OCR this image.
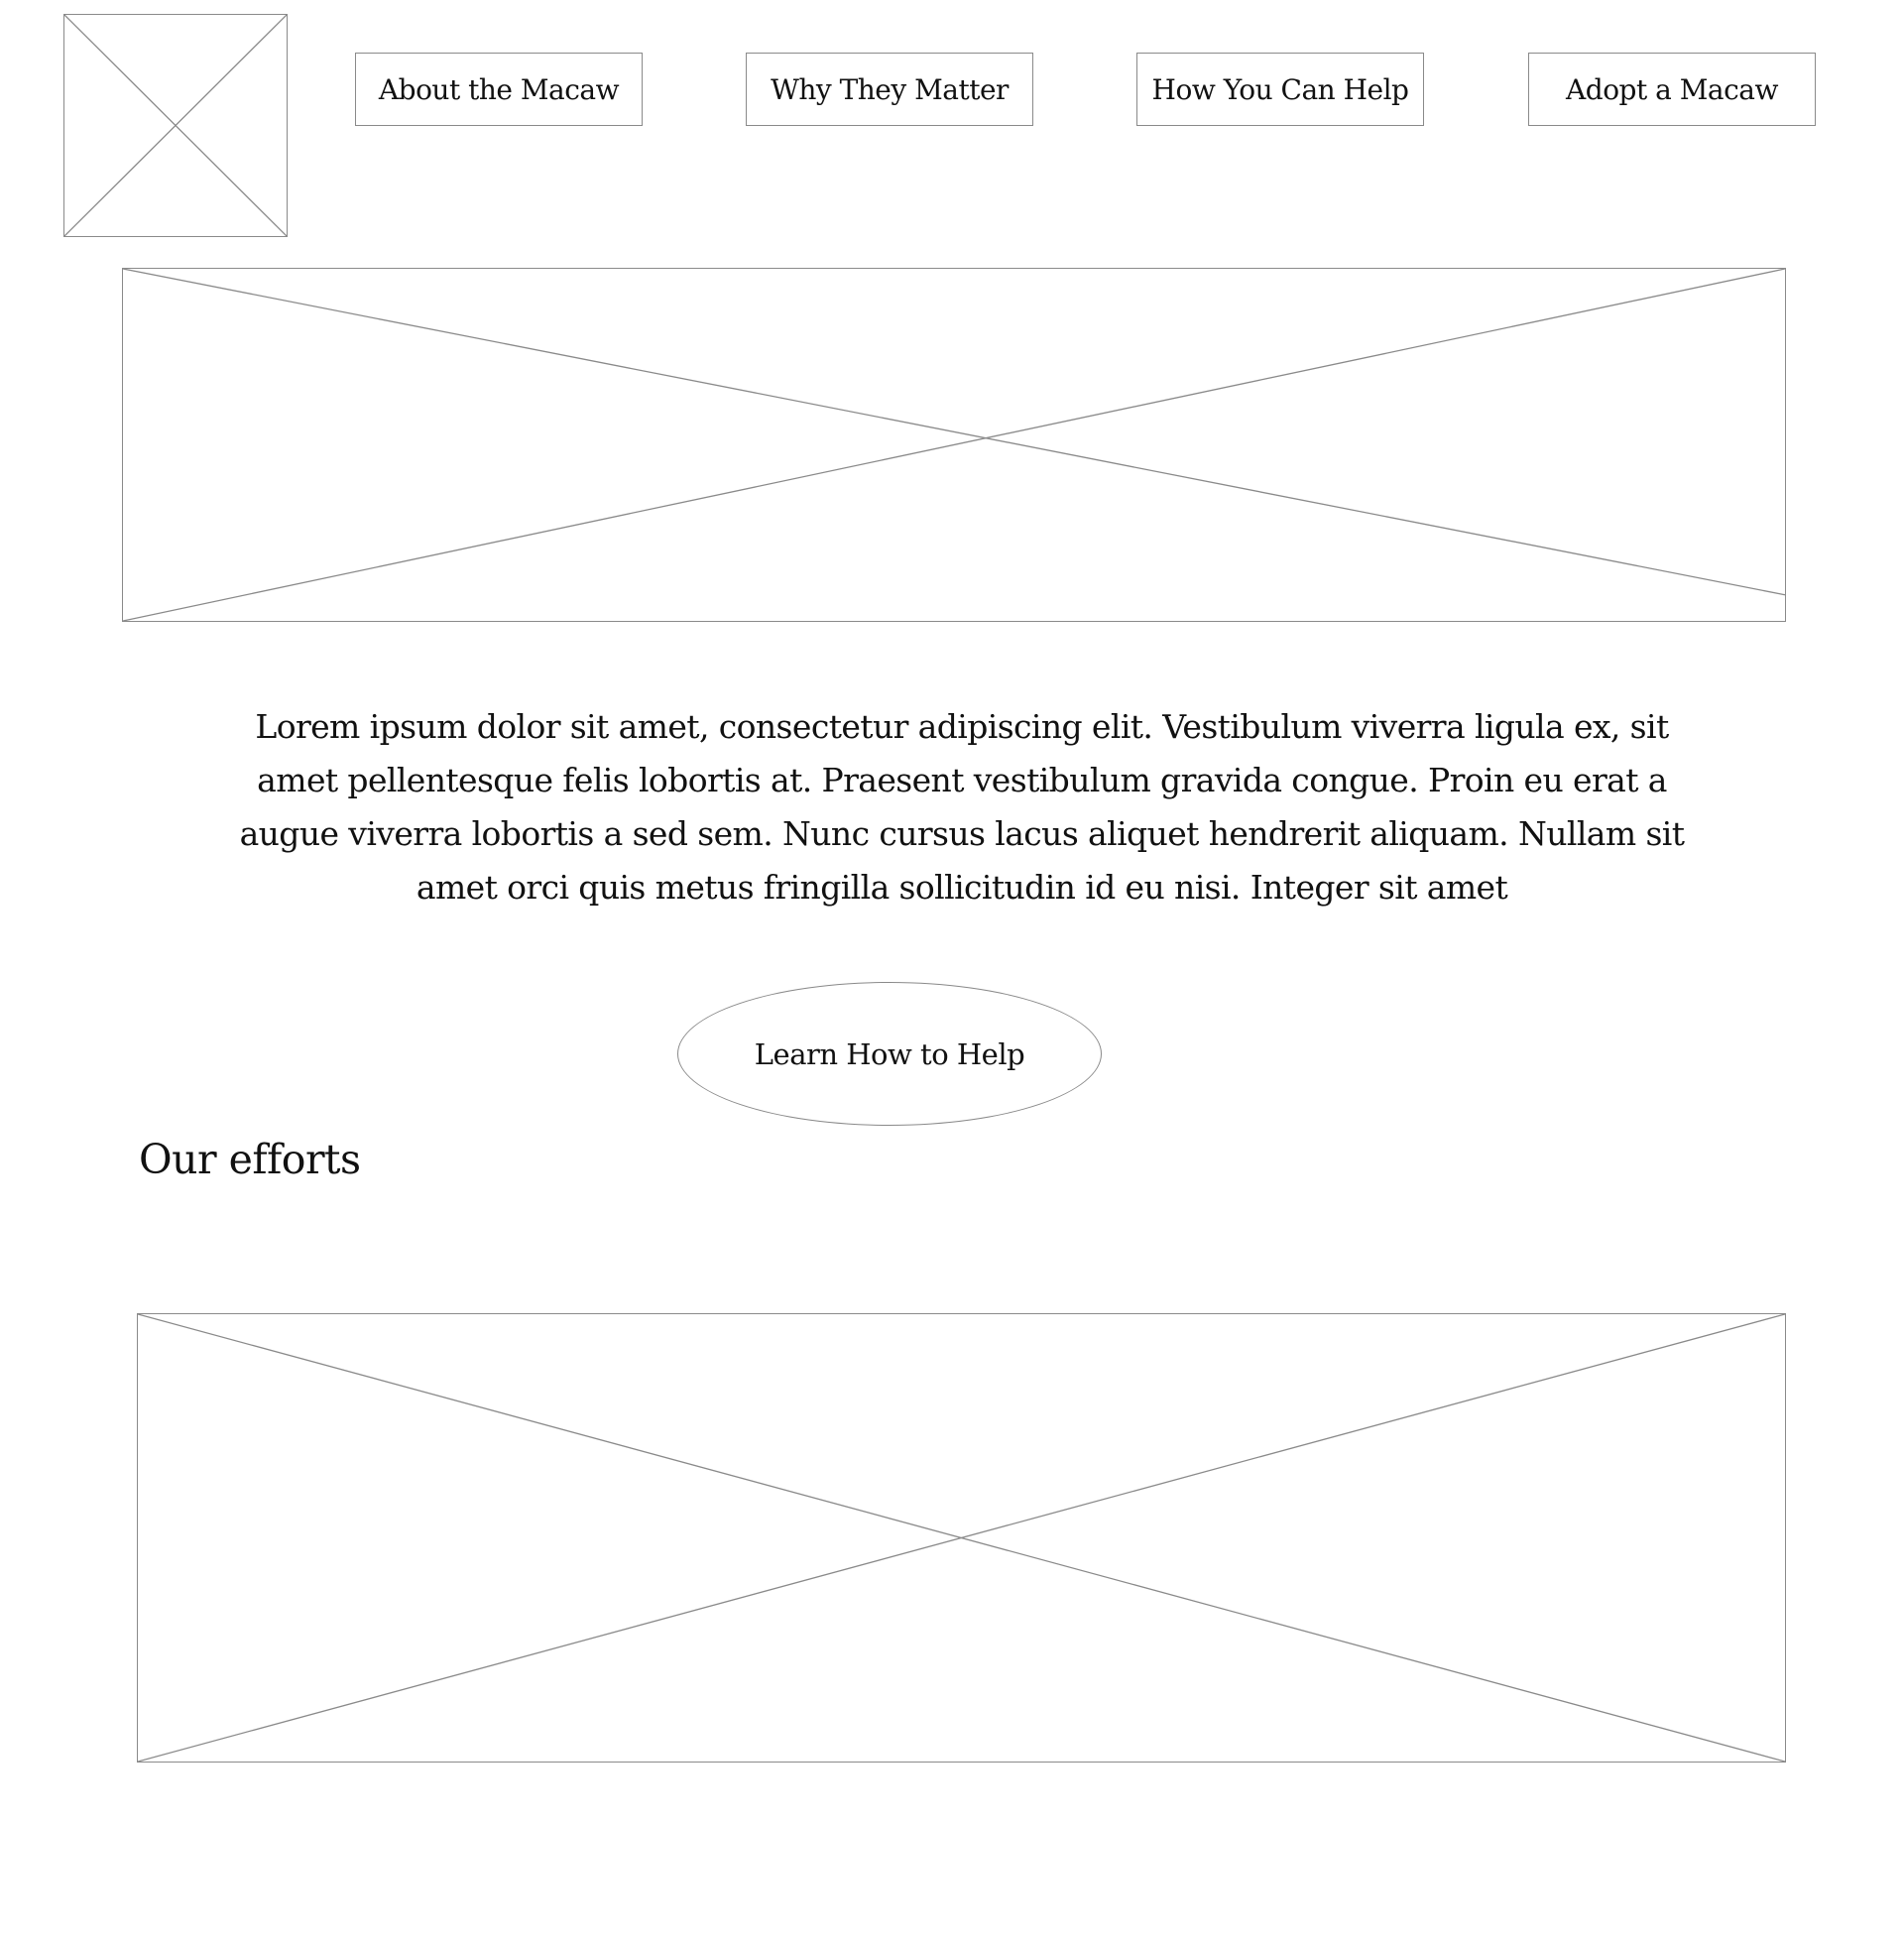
About the Macaw	Why They Matter	How You Can Help	Adopt a Macaw

Lorem ipsum dolor sit amet, consectetur adipiscing elit. Vestibulum viverra ligula ex, sit amet pellentesque felis lobortis at. Praesent vestibulum gravida congue. Proin eu erat a augue viverra lobortis a sed sem. Nunc cursus lacus aliquet hendrerit aliquam. Nullam sit amet orci quis metus fringilla sollicitudin id eu nisi. Integer sit amet

Learn How to Help
Our efforts
